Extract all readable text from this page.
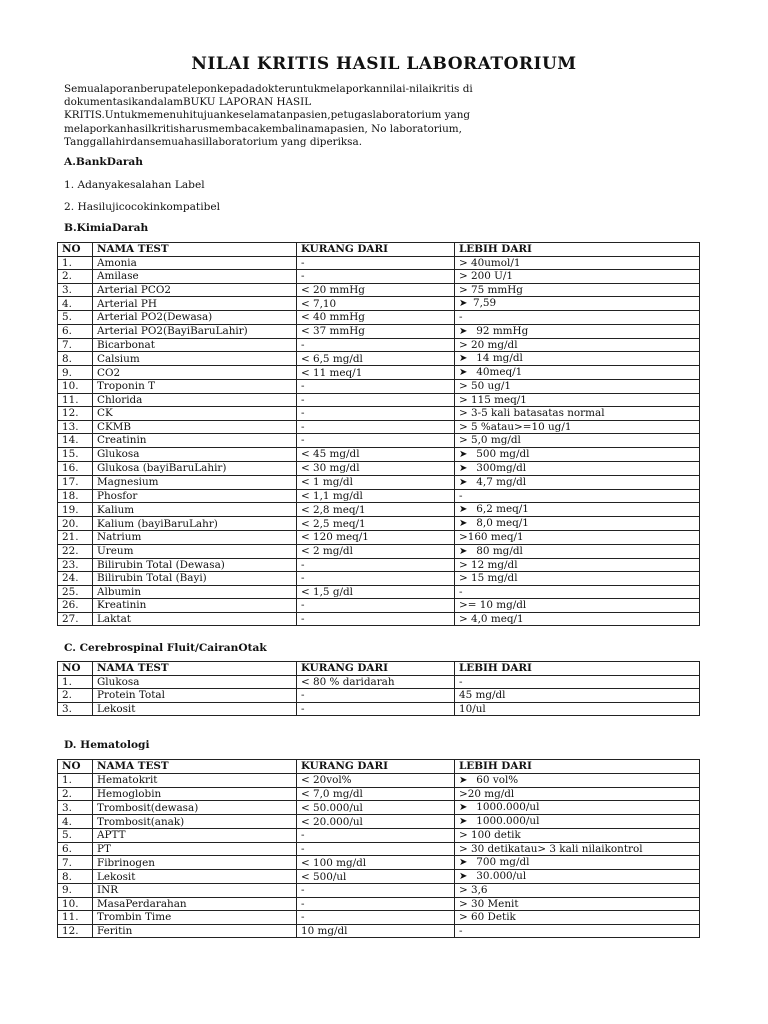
NILAI KRITIS HASIL LABORATORIUM
Semualaporanberupateleponkepadadokteruntukmelaporkannilai-nilaikritis di
dokumentasikandalamBUKU LAPORAN HASIL
KRITIS.Untukmemenuhitujuankeselamatanpasien,petugaslaboratorium yang
melaporkanhasilkritisharusmembacakembalinamapasien, No laboratorium,
Tanggallahirdansemuahasillaboratorium yang diperiksa.
A.BankDarah
1. Adanyakesalahan Label
2. Hasilujicocokinkompatibel
B.KimiaDarah
NO	NAMA TEST	KURANG DARI	LEBIH DARI
1.	Amonia	-	> 40umol/1
2.	Amilase	-	> 200 U/1
3.	Arterial PCO2	< 20 mmHg	> 75 mmHg
4.	Arterial PH	< 7,10	➤ 7,59
5.	Arterial PO2(Dewasa)	< 40 mmHg	-
6.	Arterial PO2(BayiBaruLahir)	< 37 mmHg	➤ 92 mmHg
7.	Bicarbonat	-	> 20 mg/dl
8.	Calsium	< 6,5 mg/dl	➤ 14 mg/dl
9.	CO2	< 11 meq/1	➤ 40meq/1
10.	Troponin T	-	> 50 ug/1
11.	Chlorida	-	> 115 meq/1
12.	CK	-	> 3-5 kali batasatas normal
13.	CKMB	-	> 5 %atau>=10 ug/1
14.	Creatinin	-	> 5,0 mg/dl
15.	Glukosa	< 45 mg/dl	➤ 500 mg/dl
16.	Glukosa (bayiBaruLahir)	< 30 mg/dl	➤ 300mg/dl
17.	Magnesium	< 1 mg/dl	➤ 4,7 mg/dl
18.	Phosfor	< 1,1 mg/dl	-
19.	Kalium	< 2,8 meq/1	➤ 6,2 meq/1
20.	Kalium (bayiBaruLahr)	< 2,5 meq/1	➤ 8,0 meq/1
21.	Natrium	< 120 meq/1	>160 meq/1
22.	Ureum	< 2 mg/dl	➤ 80 mg/dl
23.	Bilirubin Total (Dewasa)	-	> 12 mg/dl
24.	Bilirubin Total (Bayi)	-	> 15 mg/dl
25.	Albumin	< 1,5 g/dl	-
26.	Kreatinin	-	>= 10 mg/dl
27.	Laktat	-	> 4,0 meq/1
C. Cerebrospinal Fluit/CairanOtak
NO	NAMA TEST	KURANG DARI	LEBIH DARI
1.	Glukosa	< 80 % daridarah	-
2.	Protein Total	-	45 mg/dl
3.	Lekosit	-	10/ul
D. Hematologi
NO	NAMA TEST	KURANG DARI	LEBIH DARI
1.	Hematokrit	< 20vol%	➤ 60 vol%
2.	Hemoglobin	< 7,0 mg/dl	>20 mg/dl
3.	Trombosit(dewasa)	< 50.000/ul	➤ 1000.000/ul
4.	Trombosit(anak)	< 20.000/ul	➤ 1000.000/ul
5.	APTT	-	> 100 detik
6.	PT	-	> 30 detikatau> 3 kali nilaikontrol
7.	Fibrinogen	< 100 mg/dl	➤ 700 mg/dl
8.	Lekosit	< 500/ul	➤ 30.000/ul
9.	INR	-	> 3,6
10.	MasaPerdarahan	-	> 30 Menit
11.	Trombin Time	-	> 60 Detik
12.	Feritin	10 mg/dl	-
